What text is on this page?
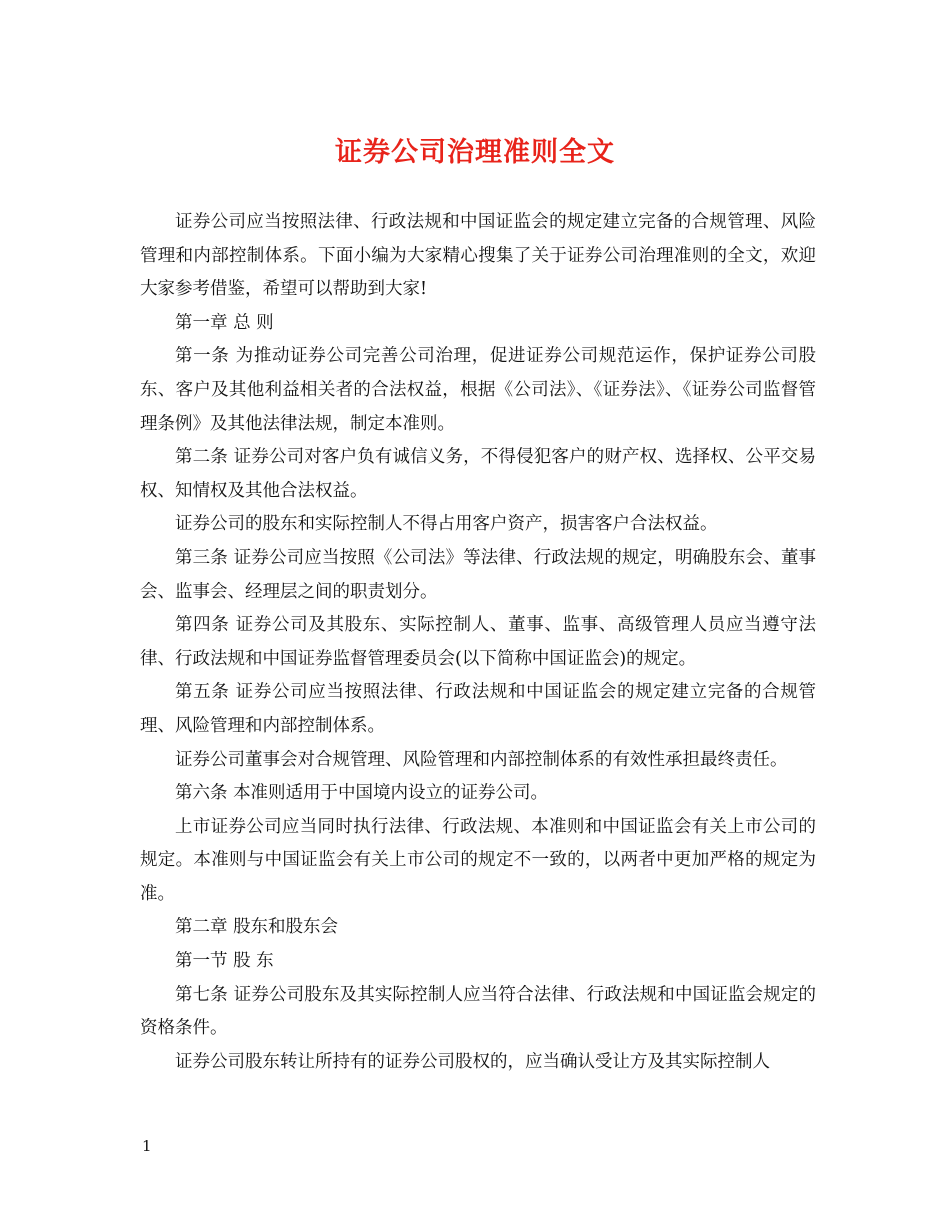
证券公司治理准则全文

证券公司应当按照法律、行政法规和中国证监会的规定建立完备的合规管理、风险管理和内部控制体系。下面小编为大家精心搜集了关于证券公司治理准则的全文，欢迎大家参考借鉴，希望可以帮助到大家!

第一章 总 则

第一条 为推动证券公司完善公司治理，促进证券公司规范运作，保护证券公司股东、客户及其他利益相关者的合法权益，根据《公司法》、《证券法》、《证券公司监督管理条例》及其他法律法规，制定本准则。

第二条 证券公司对客户负有诚信义务，不得侵犯客户的财产权、选择权、公平交易权、知情权及其他合法权益。

证券公司的股东和实际控制人不得占用客户资产，损害客户合法权益。

第三条 证券公司应当按照《公司法》等法律、行政法规的规定，明确股东会、董事会、监事会、经理层之间的职责划分。

第四条 证券公司及其股东、实际控制人、董事、监事、高级管理人员应当遵守法律、行政法规和中国证券监督管理委员会(以下简称中国证监会)的规定。

第五条 证券公司应当按照法律、行政法规和中国证监会的规定建立完备的合规管理、风险管理和内部控制体系。

证券公司董事会对合规管理、风险管理和内部控制体系的有效性承担最终责任。

第六条 本准则适用于中国境内设立的证券公司。

上市证券公司应当同时执行法律、行政法规、本准则和中国证监会有关上市公司的规定。本准则与中国证监会有关上市公司的规定不一致的，以两者中更加严格的规定为准。

第二章 股东和股东会

第一节 股 东

第七条 证券公司股东及其实际控制人应当符合法律、行政法规和中国证监会规定的资格条件。

证券公司股东转让所持有的证券公司股权的，应当确认受让方及其实际控制人

1
